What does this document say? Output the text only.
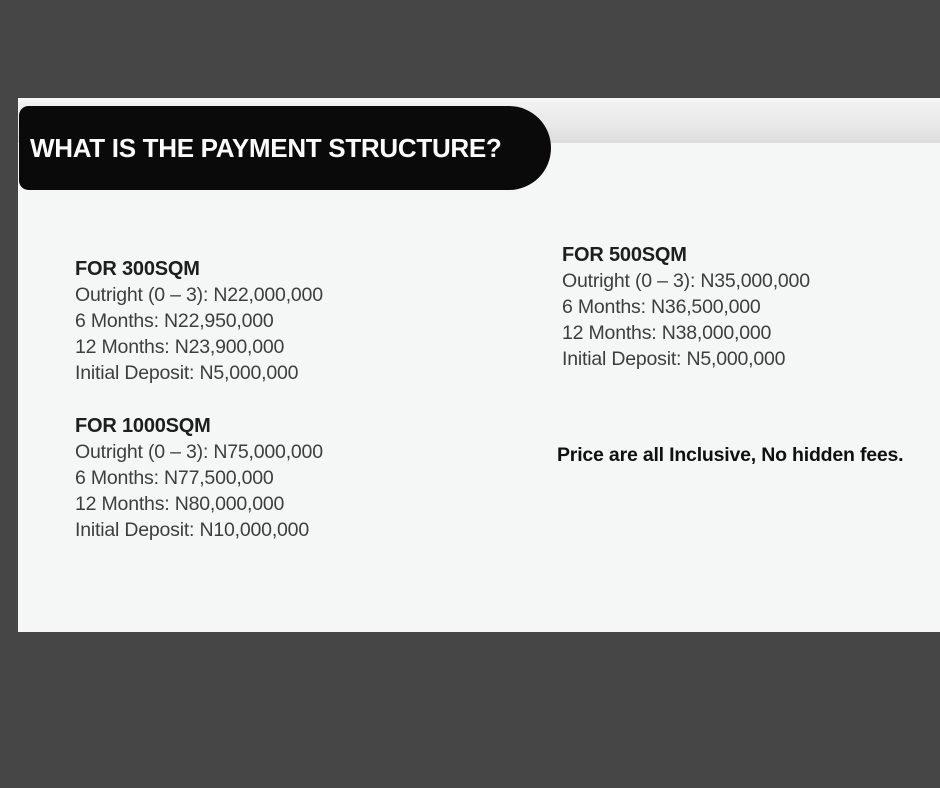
WHAT IS THE PAYMENT STRUCTURE?
FOR 300SQM
Outright (0 – 3): N22,000,000
6 Months: N22,950,000
12 Months: N23,900,000
Initial Deposit: N5,000,000
FOR 500SQM
Outright (0 – 3): N35,000,000
6 Months: N36,500,000
12 Months: N38,000,000
Initial Deposit: N5,000,000
FOR 1000SQM
Outright (0 – 3): N75,000,000
6 Months: N77,500,000
12 Months: N80,000,000
Initial Deposit: N10,000,000
Price are all Inclusive, No hidden fees.
